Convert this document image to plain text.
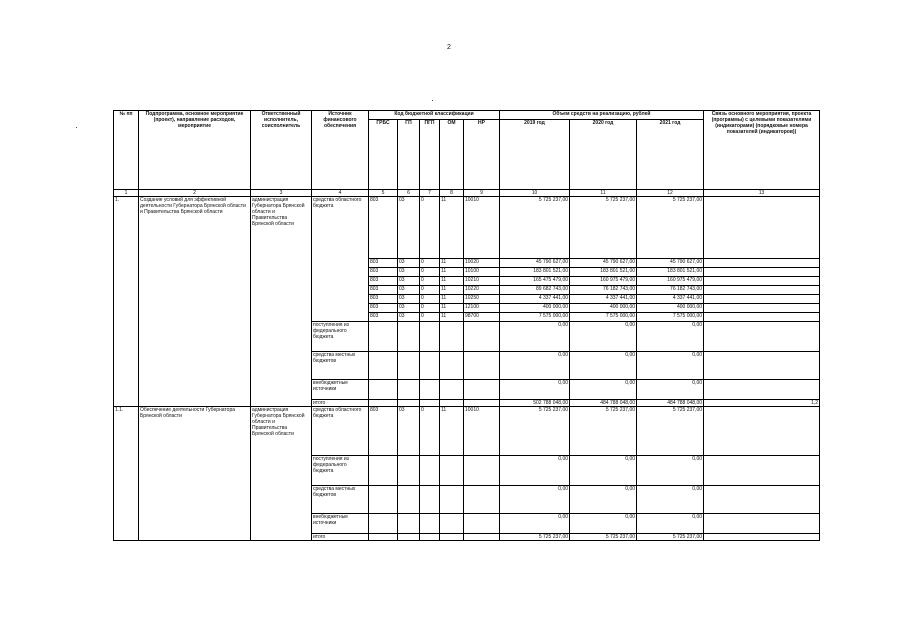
2
№ пп	Подпрограмма, основное мероприятие (проект), направление расходов, мероприятие	Ответственный исполнитель, соисполнитель	Источник финансового обеспечения	Код бюджетной классификации					Объем средств на реализацию, рублей			Связь основного мероприятия, проекта (программы) с целевыми показателями (индикаторами) (порядковые номера показателей (индикаторов))
				ГРБС	ГП	ПГП	ОМ	НР	2019 год	2020 год	2021 год	
1	2	3	4	5	6	7	8	9	10	11	12	13
1.	Создание условий для эффективной деятельности Губернатора Брянской области и Правительства Брянской области	администрация Губернатора Брянской области и Правительства Брянской области	средства областного бюджета	803	03	0	11	10010	5 725 237,00	5 725 237,00	5 725 237,00	
				803	03	0	11	10020	45 790 627,00	45 790 627,00	45 790 627,00	
				803	03	0	11	10100	183 801 521,00	183 801 521,00	183 801 521,00	
				803	03	0	11	10210	165 475 479,00	160 975 479,00	160 975 479,00	
				803	03	0	11	10220	89 682 743,00	76 182 743,00	76 182 743,00	
				803	03	0	11	10250	4 337 441,00	4 337 441,00	4 337 441,00	
				803	03	0	11	12100	400 000,00	400 000,00	400 000,00	
				803	03	0	11	98700	7 575 000,00	7 575 000,00	7 575 000,00	
			поступления из федерального бюджета						0,00	0,00	0,00	
			средства местных бюджетов						0,00	0,00	0,00	
			внебюджетные источники						0,00	0,00	0,00	
			итого						502 788 048,00	484 788 048,00	484 788 048,00	1,2
1.1.	Обеспечение деятельности Губернатора Брянской области	администрация Губернатора Брянской области и Правительства Брянской области	средства областного бюджета	803	03	0	11	10010	5 725 237,00	5 725 237,00	5 725 237,00	
			поступления из федерального бюджета						0,00	0,00	0,00	
			средства местных бюджетов						0,00	0,00	0,00	
			внебюджетные источники						0,00	0,00	0,00	
			итого						5 725 237,00	5 725 237,00	5 725 237,00	
